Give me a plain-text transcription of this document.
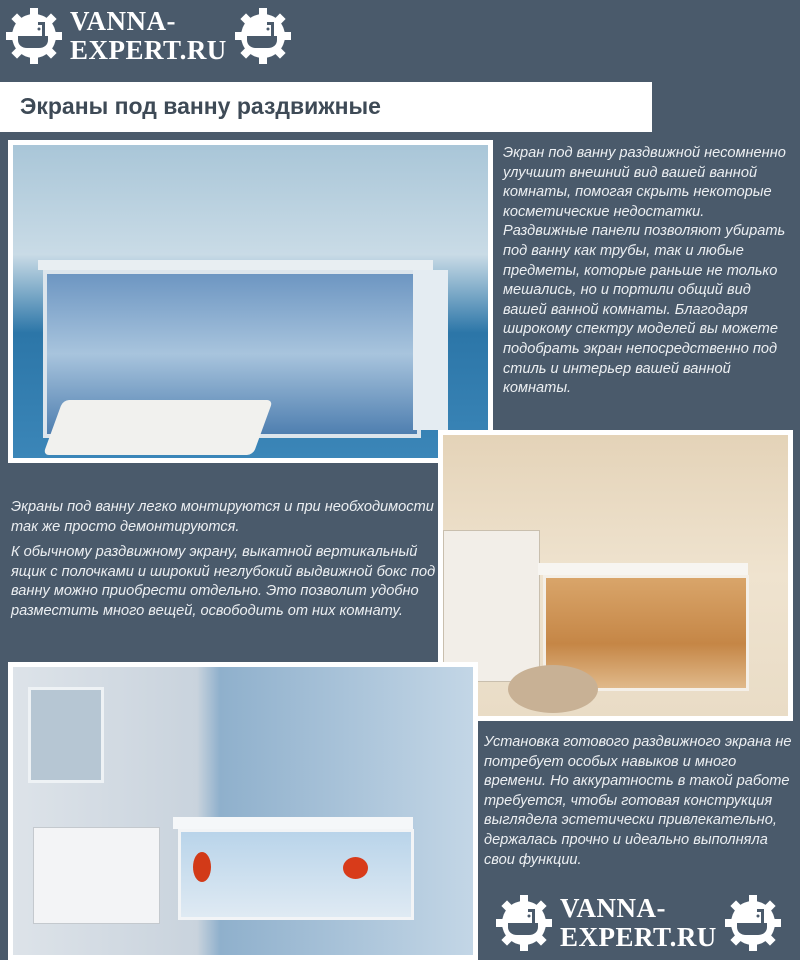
VANNA-
EXPERT.RU
Экраны под ванну раздвижные

Экран под ванну раздвижной несомненно улучшит внешний вид вашей ванной комнаты, помогая скрыть некоторые косметические недостатки. Раздвижные панели позволяют убирать под ванну как трубы, так и любые предметы, которые раньше не только мешались, но и портили общий вид вашей ванной комнаты. Благодаря широкому спектру моделей вы можете подобрать экран непосредственно под стиль и интерьер вашей ванной комнаты.

Экраны под ванну легко монтируются и при необходимости так же просто демонтируются.

К обычному раздвижному экрану, выкатной вертикальный ящик с полочками и широкий неглубокий выдвижной бокс под ванну можно приобрести отдельно. Это позволит удобно разместить много вещей, освободить от них комнату.

Установка готового раздвижного экрана не потребует особых навыков и много времени. Но аккуратность в такой работе требуется, чтобы готовая конструкция выглядела эстетически привлекательно, держалась прочно и идеально выполняла свои функции.

VANNA-
EXPERT.RU
